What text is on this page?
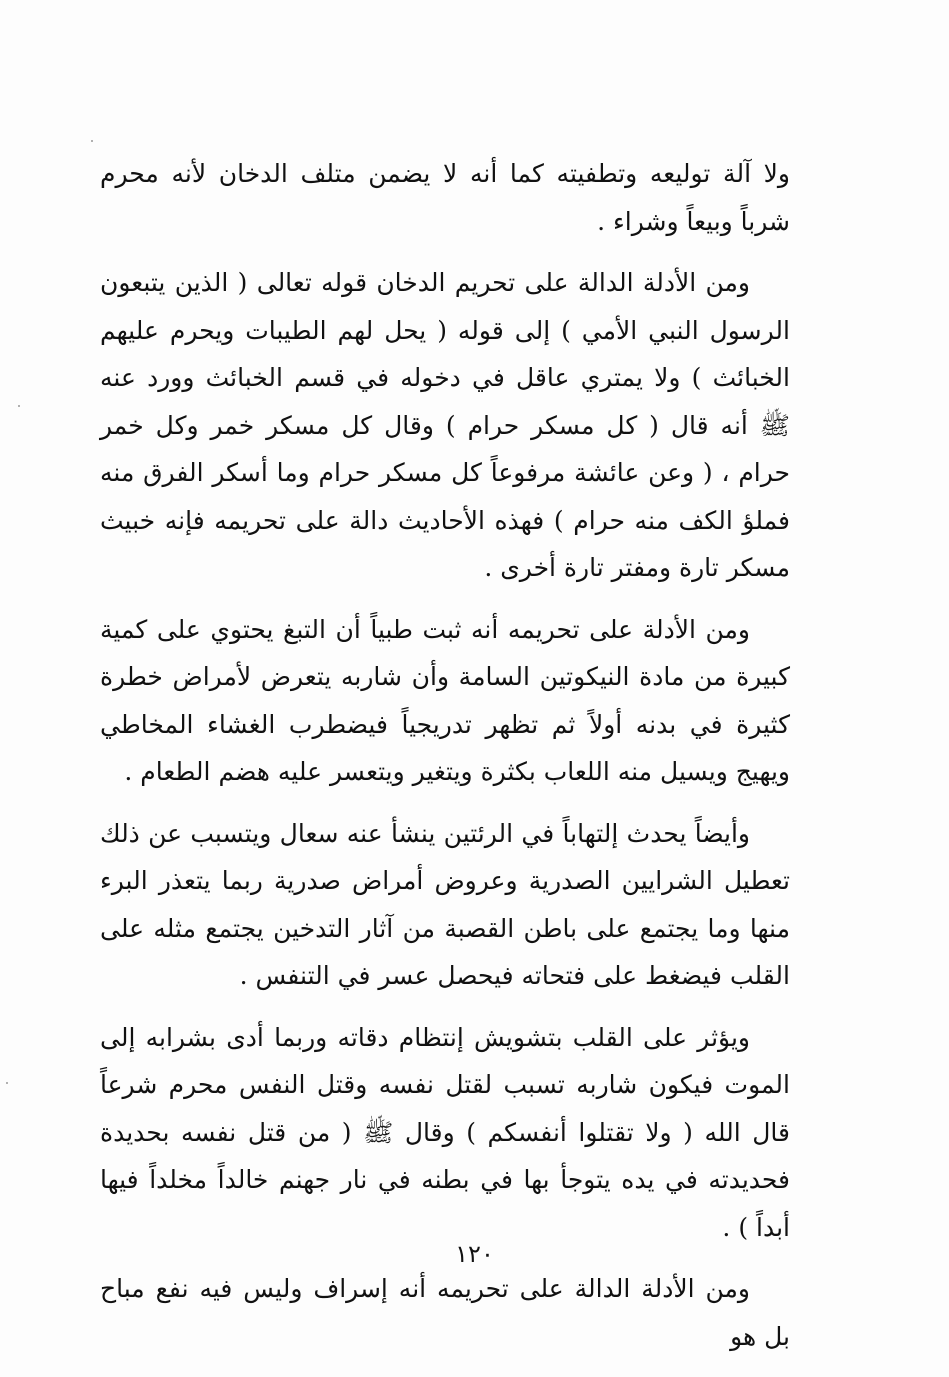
ولا آلة توليعه وتطفيته كما أنه لا يضمن متلف الدخان لأنه محرم شرباً وبيعاً وشراء .

ومن الأدلة الدالة على تحريم الدخان قوله تعالى ( الذين يتبعون الرسول النبي الأمي ) إلى قوله ( يحل لهم الطيبات ويحرم عليهم الخبائث ) ولا يمتري عاقل في دخوله في قسم الخبائث وورد عنه ﷺ أنه قال ( كل مسكر حرام ) وقال كل مسكر خمر وكل خمر حرام ، ( وعن عائشة مرفوعاً كل مسكر حرام وما أسكر الفرق منه فملؤ الكف منه حرام ) فهذه الأحاديث دالة على تحريمه فإنه خبيث مسكر تارة ومفتر تارة أخرى .

ومن الأدلة على تحريمه أنه ثبت طبياً أن التبغ يحتوي على كمية كبيرة من مادة النيكوتين السامة وأن شاربه يتعرض لأمراض خطرة كثيرة في بدنه أولاً ثم تظهر تدريجياً فيضطرب الغشاء المخاطي ويهيج ويسيل منه اللعاب بكثرة ويتغير ويتعسر عليه هضم الطعام .

وأيضاً يحدث إلتهاباً في الرئتين ينشأ عنه سعال ويتسبب عن ذلك تعطيل الشرايين الصدرية وعروض أمراض صدرية ربما يتعذر البرء منها وما يجتمع على باطن القصبة من آثار التدخين يجتمع مثله على القلب فيضغط على فتحاته فيحصل عسر في التنفس .

ويؤثر على القلب بتشويش إنتظام دقاته وربما أدى بشرابه إلى الموت فيكون شاربه تسبب لقتل نفسه وقتل النفس محرم شرعاً قال الله ( ولا تقتلوا أنفسكم ) وقال ﷺ ( من قتل نفسه بحديدة فحديدته في يده يتوجأ بها في بطنه في نار جهنم خالداً مخلداً فيها أبداً ) .

ومن الأدلة الدالة على تحريمه أنه إسراف وليس فيه نفع مباح بل هو

١٢٠
